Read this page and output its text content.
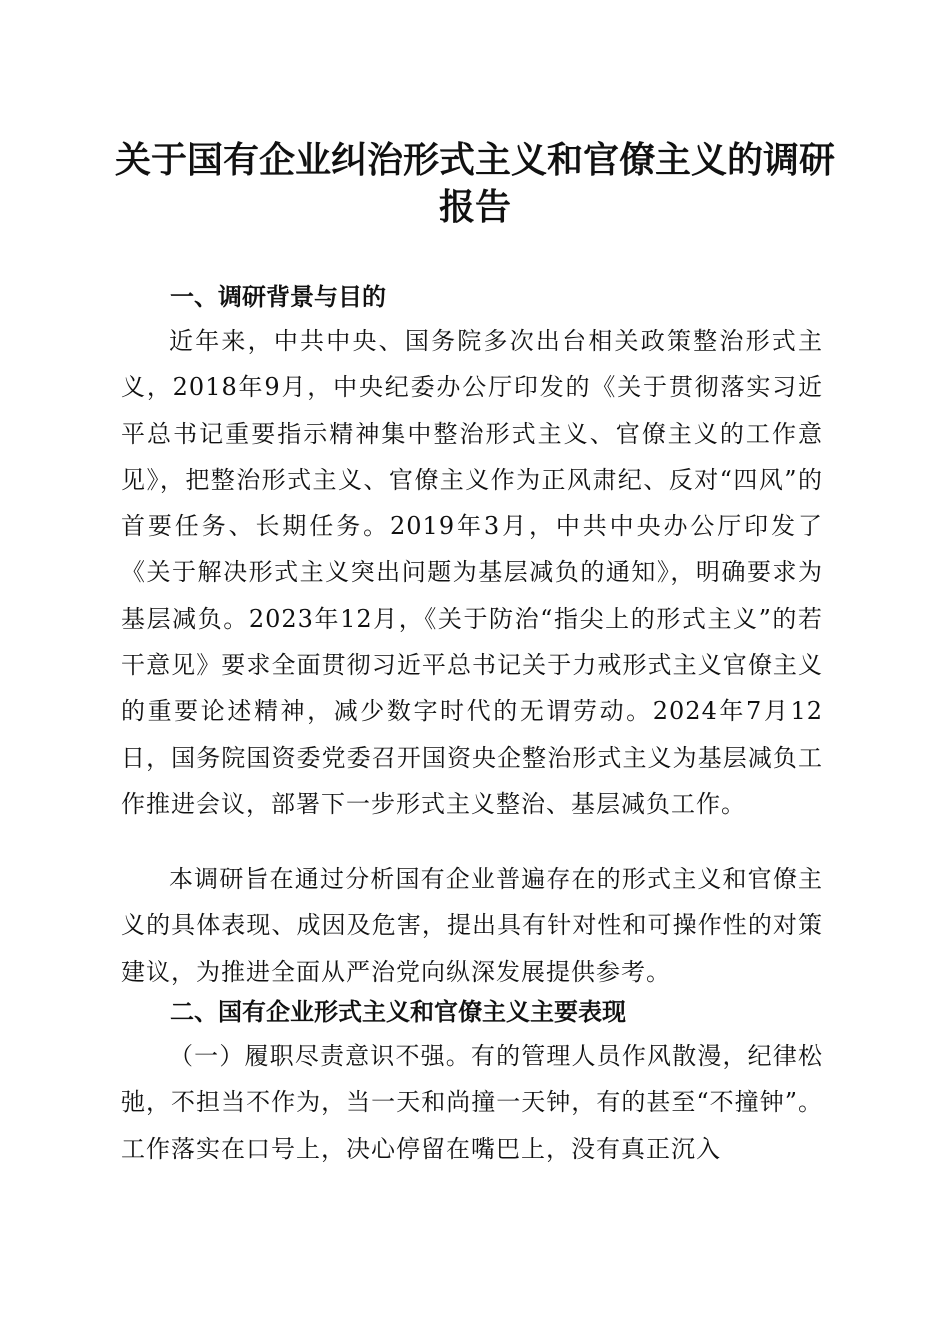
关于国有企业纠治形式主义和官僚主义的调研
报告
一、调研背景与目的

近年来，中共中央、国务院多次出台相关政策整治形式主义，2018年9月，中央纪委办公厅印发的《关于贯彻落实习近平总书记重要指示精神集中整治形式主义、官僚主义的工作意见》，把整治形式主义、官僚主义作为正风肃纪、反对“四风”的首要任务、长期任务。2019年3月，中共中央办公厅印发了《关于解决形式主义突出问题为基层减负的通知》，明确要求为基层减负。2023年12月，《关于防治“指尖上的形式主义”的若干意见》要求全面贯彻习近平总书记关于力戒形式主义官僚主义的重要论述精神，减少数字时代的无谓劳动。2024年7月12日，国务院国资委党委召开国资央企整治形式主义为基层减负工作推进会议，部署下一步形式主义整治、基层减负工作。

本调研旨在通过分析国有企业普遍存在的形式主义和官僚主义的具体表现、成因及危害，提出具有针对性和可操作性的对策建议，为推进全面从严治党向纵深发展提供参考。

二、国有企业形式主义和官僚主义主要表现

（一）履职尽责意识不强。有的管理人员作风散漫，纪律松弛，不担当不作为，当一天和尚撞一天钟，有的甚至“不撞钟”。工作落实在口号上，决心停留在嘴巴上，没有真正沉入
